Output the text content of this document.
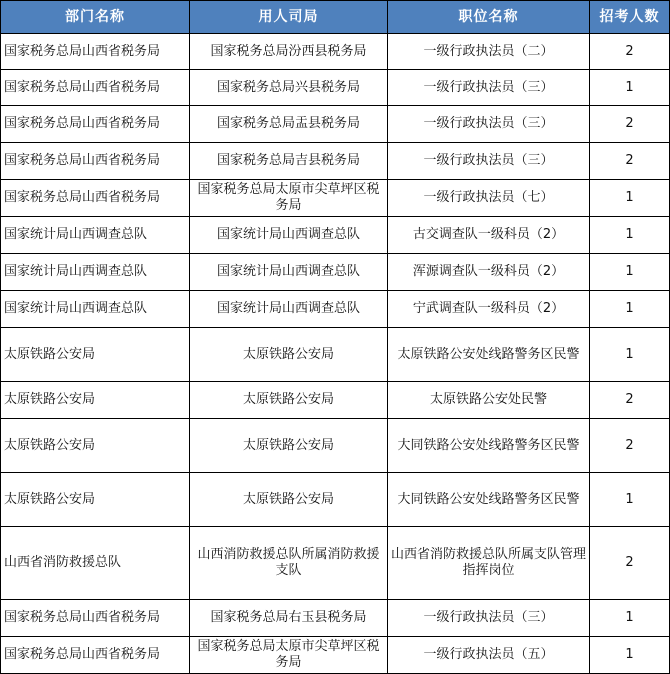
部门名称	用人司局	职位名称	招考人数
国家税务总局山西省税务局	国家税务总局汾西县税务局	一级行政执法员（二）	2
国家税务总局山西省税务局	国家税务总局兴县税务局	一级行政执法员（三）	1
国家税务总局山西省税务局	国家税务总局盂县税务局	一级行政执法员（三）	2
国家税务总局山西省税务局	国家税务总局吉县税务局	一级行政执法员（三）	2
国家税务总局山西省税务局	国家税务总局太原市尖草坪区税务局	一级行政执法员（七）	1
国家统计局山西调查总队	国家统计局山西调查总队	古交调查队一级科员（2）	1
国家统计局山西调查总队	国家统计局山西调查总队	浑源调查队一级科员（2）	1
国家统计局山西调查总队	国家统计局山西调查总队	宁武调查队一级科员（2）	1
太原铁路公安局	太原铁路公安局	太原铁路公安处线路警务区民警	1
太原铁路公安局	太原铁路公安局	太原铁路公安处民警	2
太原铁路公安局	太原铁路公安局	大同铁路公安处线路警务区民警	2
太原铁路公安局	太原铁路公安局	大同铁路公安处线路警务区民警	1
山西省消防救援总队	山西消防救援总队所属消防救援支队	山西省消防救援总队所属支队管理指挥岗位	2
国家税务总局山西省税务局	国家税务总局右玉县税务局	一级行政执法员（三）	1
国家税务总局山西省税务局	国家税务总局太原市尖草坪区税务局	一级行政执法员（五）	1
